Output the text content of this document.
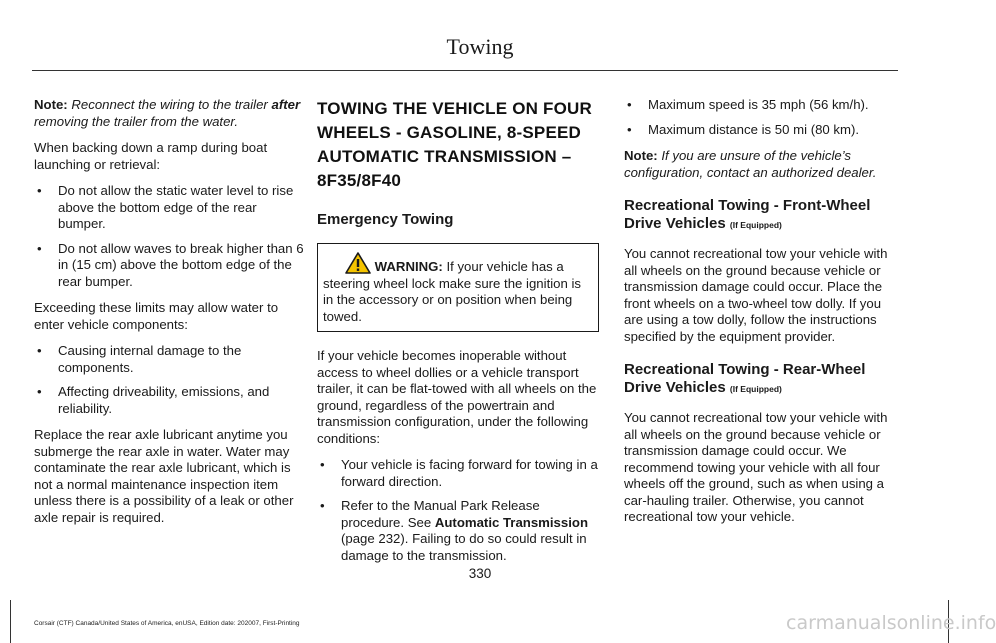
Towing

Note: Reconnect the wiring to the trailer after removing the trailer from the water.

When backing down a ramp during boat launching or retrieval:

• Do not allow the static water level to rise above the bottom edge of the rear bumper.
• Do not allow waves to break higher than 6 in (15 cm) above the bottom edge of the rear bumper.

Exceeding these limits may allow water to enter vehicle components:

• Causing internal damage to the components.
• Affecting driveability, emissions, and reliability.

Replace the rear axle lubricant anytime you submerge the rear axle in water. Water may contaminate the rear axle lubricant, which is not a normal maintenance inspection item unless there is a possibility of a leak or other axle repair is required.

TOWING THE VEHICLE ON FOUR WHEELS - GASOLINE, 8-SPEED AUTOMATIC TRANSMISSION – 8F35/8F40
Emergency Towing
WARNING: If your vehicle has a steering wheel lock make sure the ignition is in the accessory or on position when being towed.

If your vehicle becomes inoperable without access to wheel dollies or a vehicle transport trailer, it can be flat-towed with all wheels on the ground, regardless of the powertrain and transmission configuration, under the following conditions:

• Your vehicle is facing forward for towing in a forward direction.
• Refer to the Manual Park Release procedure. See Automatic Transmission (page 232). Failing to do so could result in damage to the transmission.
• Maximum speed is 35 mph (56 km/h).
• Maximum distance is 50 mi (80 km).

Note: If you are unsure of the vehicle’s configuration, contact an authorized dealer.

Recreational Towing - Front-Wheel Drive Vehicles (If Equipped)

You cannot recreational tow your vehicle with all wheels on the ground because vehicle or transmission damage could occur. Place the front wheels on a two-wheel tow dolly. If you are using a tow dolly, follow the instructions specified by the equipment provider.

Recreational Towing - Rear-Wheel Drive Vehicles (If Equipped)

You cannot recreational tow your vehicle with all wheels on the ground because vehicle or transmission damage could occur. We recommend towing your vehicle with all four wheels off the ground, such as when using a car-hauling trailer. Otherwise, you cannot recreational tow your vehicle.

330
Corsair (CTF) Canada/United States of America, enUSA, Edition date: 202007, First-Printing	carmanualsonline.info
